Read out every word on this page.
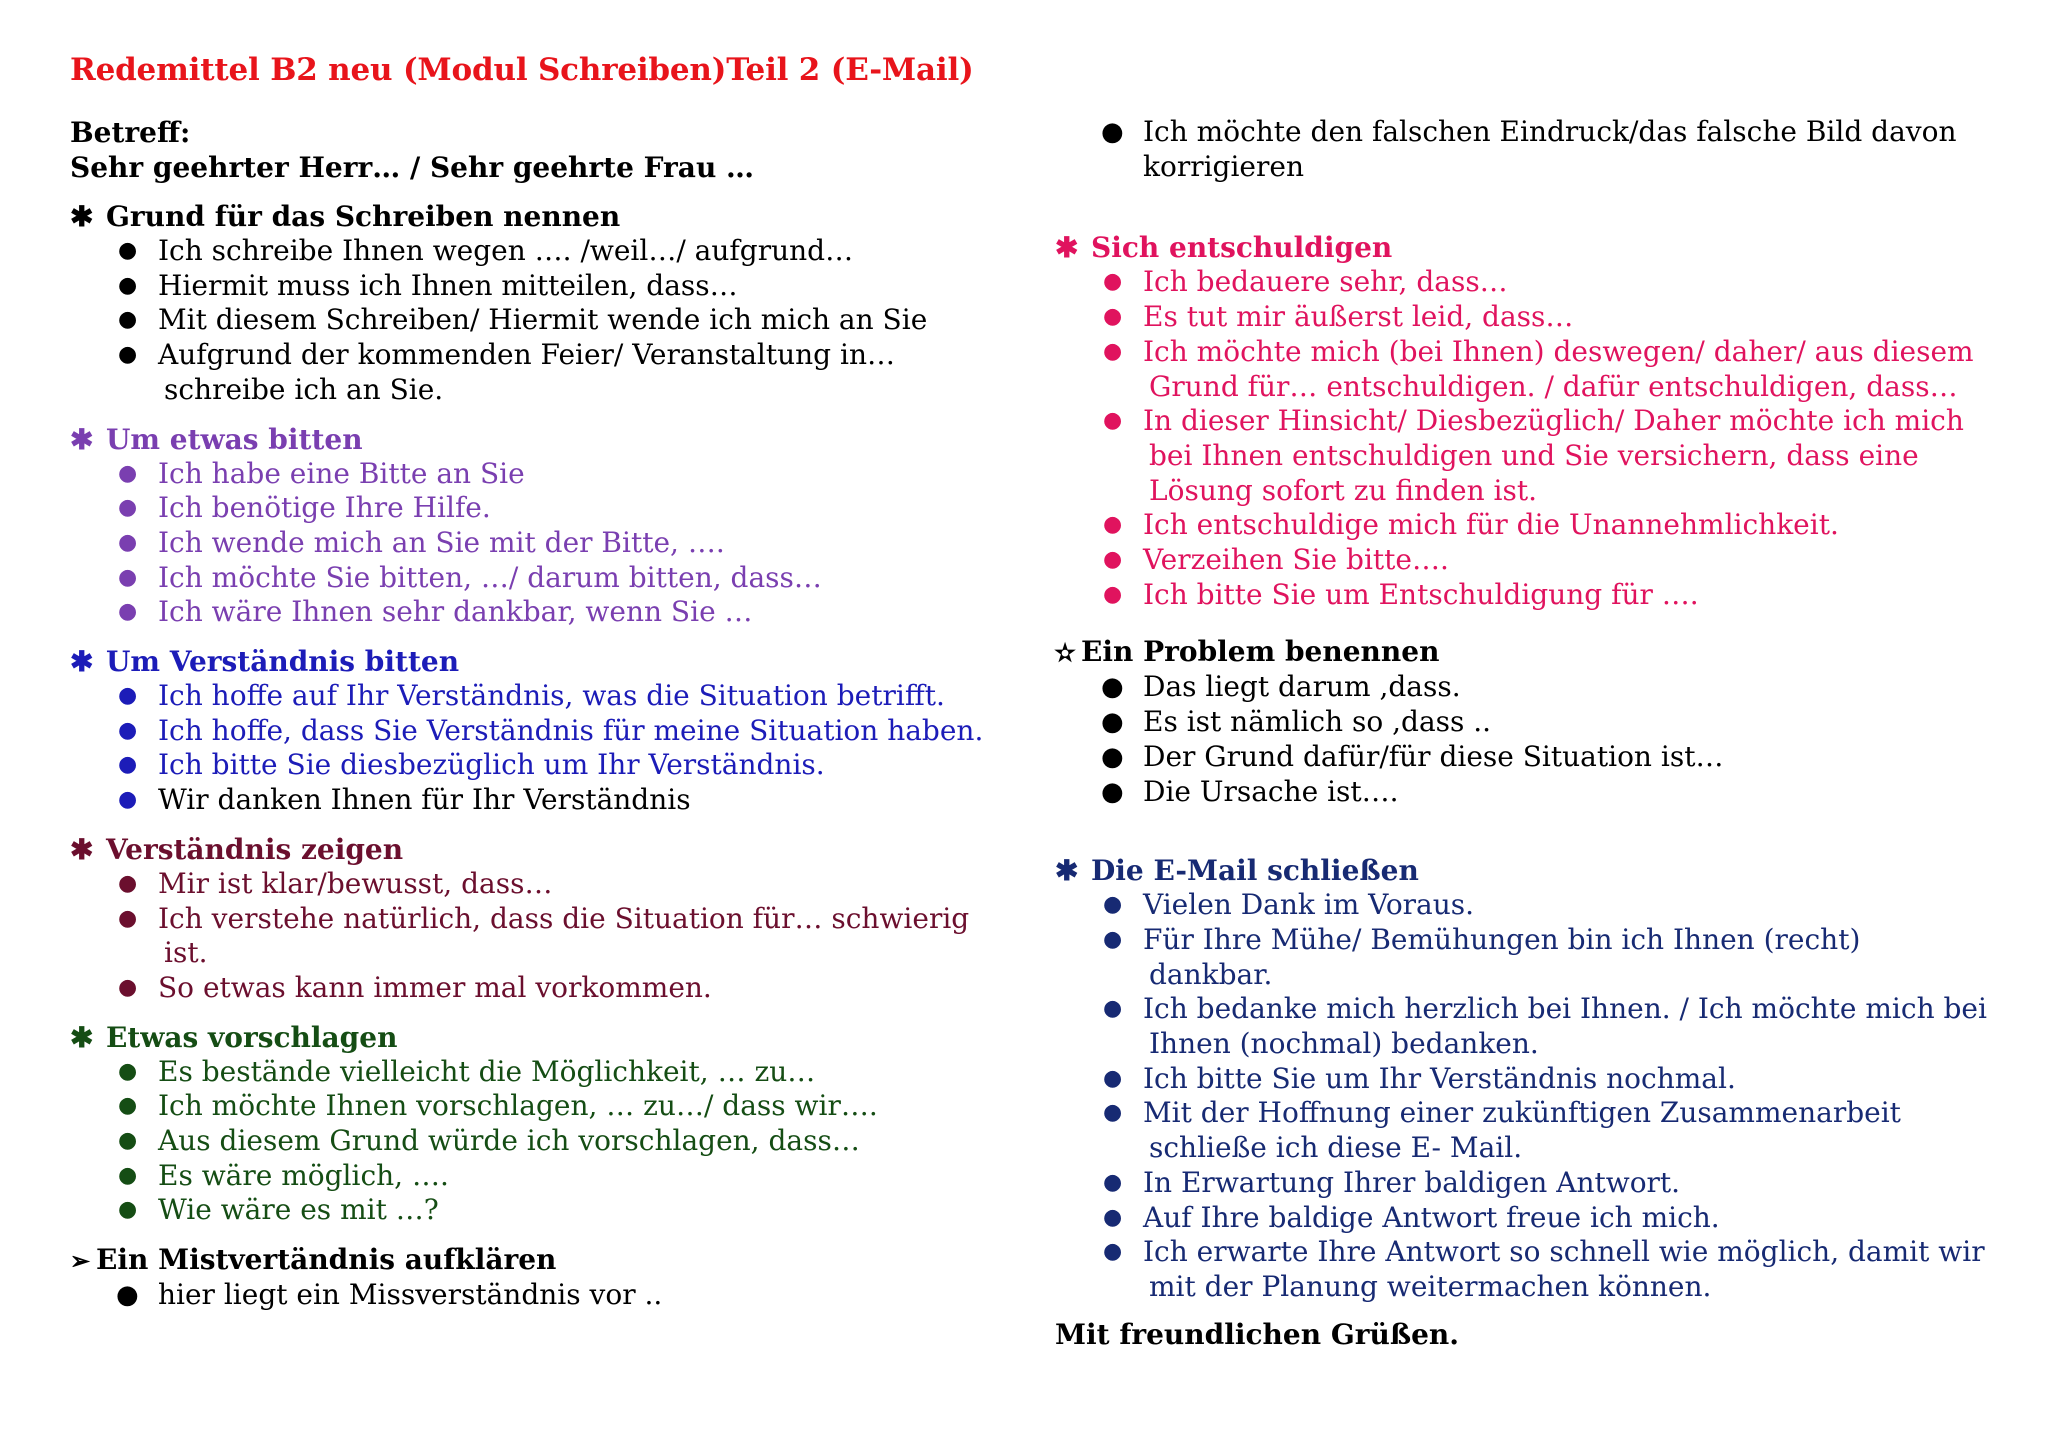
Redemittel B2 neu (Modul Schreiben)Teil 2 (E-Mail)
Betreff:
Sehr geehrter Herr… / Sehr geehrte Frau …
✱ Grund für das Schreiben nennen
● Ich schreibe Ihnen wegen …. /weil…/ aufgrund…
● Hiermit muss ich Ihnen mitteilen, dass…
● Mit diesem Schreiben/ Hiermit wende ich mich an Sie
● Aufgrund der kommenden Feier/ Veranstaltung in…
schreibe ich an Sie.
✱ Um etwas bitten
● Ich habe eine Bitte an Sie
● Ich benötige Ihre Hilfe.
● Ich wende mich an Sie mit der Bitte, ….
● Ich möchte Sie bitten, …/ darum bitten, dass…
● Ich wäre Ihnen sehr dankbar, wenn Sie …
✱ Um Verständnis bitten
● Ich hoffe auf Ihr Verständnis, was die Situation betrifft.
● Ich hoffe, dass Sie Verständnis für meine Situation haben.
● Ich bitte Sie diesbezüglich um Ihr Verständnis.
● Wir danken Ihnen für Ihr Verständnis
✱ Verständnis zeigen
● Mir ist klar/bewusst, dass…
● Ich verstehe natürlich, dass die Situation für… schwierig
ist.
● So etwas kann immer mal vorkommen.
✱ Etwas vorschlagen
● Es bestände vielleicht die Möglichkeit, … zu…
● Ich möchte Ihnen vorschlagen, … zu…/ dass wir….
● Aus diesem Grund würde ich vorschlagen, dass…
● Es wäre möglich, ….
● Wie wäre es mit …?
➢ Ein Mistvertändnis aufklären
● hier liegt ein Missverständnis vor ..
● Ich möchte den falschen Eindruck/das falsche Bild davon
korrigieren
✱ Sich entschuldigen
● Ich bedauere sehr, dass…
● Es tut mir äußerst leid, dass…
● Ich möchte mich (bei Ihnen) deswegen/ daher/ aus diesem
Grund für… entschuldigen. / dafür entschuldigen, dass…
● In dieser Hinsicht/ Diesbezüglich/ Daher möchte ich mich
bei Ihnen entschuldigen und Sie versichern, dass eine
Lösung sofort zu finden ist.
● Ich entschuldige mich für die Unannehmlichkeit.
● Verzeihen Sie bitte….
● Ich bitte Sie um Entschuldigung für ….
✫ Ein Problem benennen
● Das liegt darum ,dass.
● Es ist nämlich so ,dass ..
● Der Grund dafür/für diese Situation ist…
● Die Ursache ist….
✱ Die E-Mail schließen
● Vielen Dank im Voraus.
● Für Ihre Mühe/ Bemühungen bin ich Ihnen (recht)
dankbar.
● Ich bedanke mich herzlich bei Ihnen. / Ich möchte mich bei
Ihnen (nochmal) bedanken.
● Ich bitte Sie um Ihr Verständnis nochmal.
● Mit der Hoffnung einer zukünftigen Zusammenarbeit
schließe ich diese E- Mail.
● In Erwartung Ihrer baldigen Antwort.
● Auf Ihre baldige Antwort freue ich mich.
● Ich erwarte Ihre Antwort so schnell wie möglich, damit wir
mit der Planung weitermachen können.
Mit freundlichen Grüßen.
